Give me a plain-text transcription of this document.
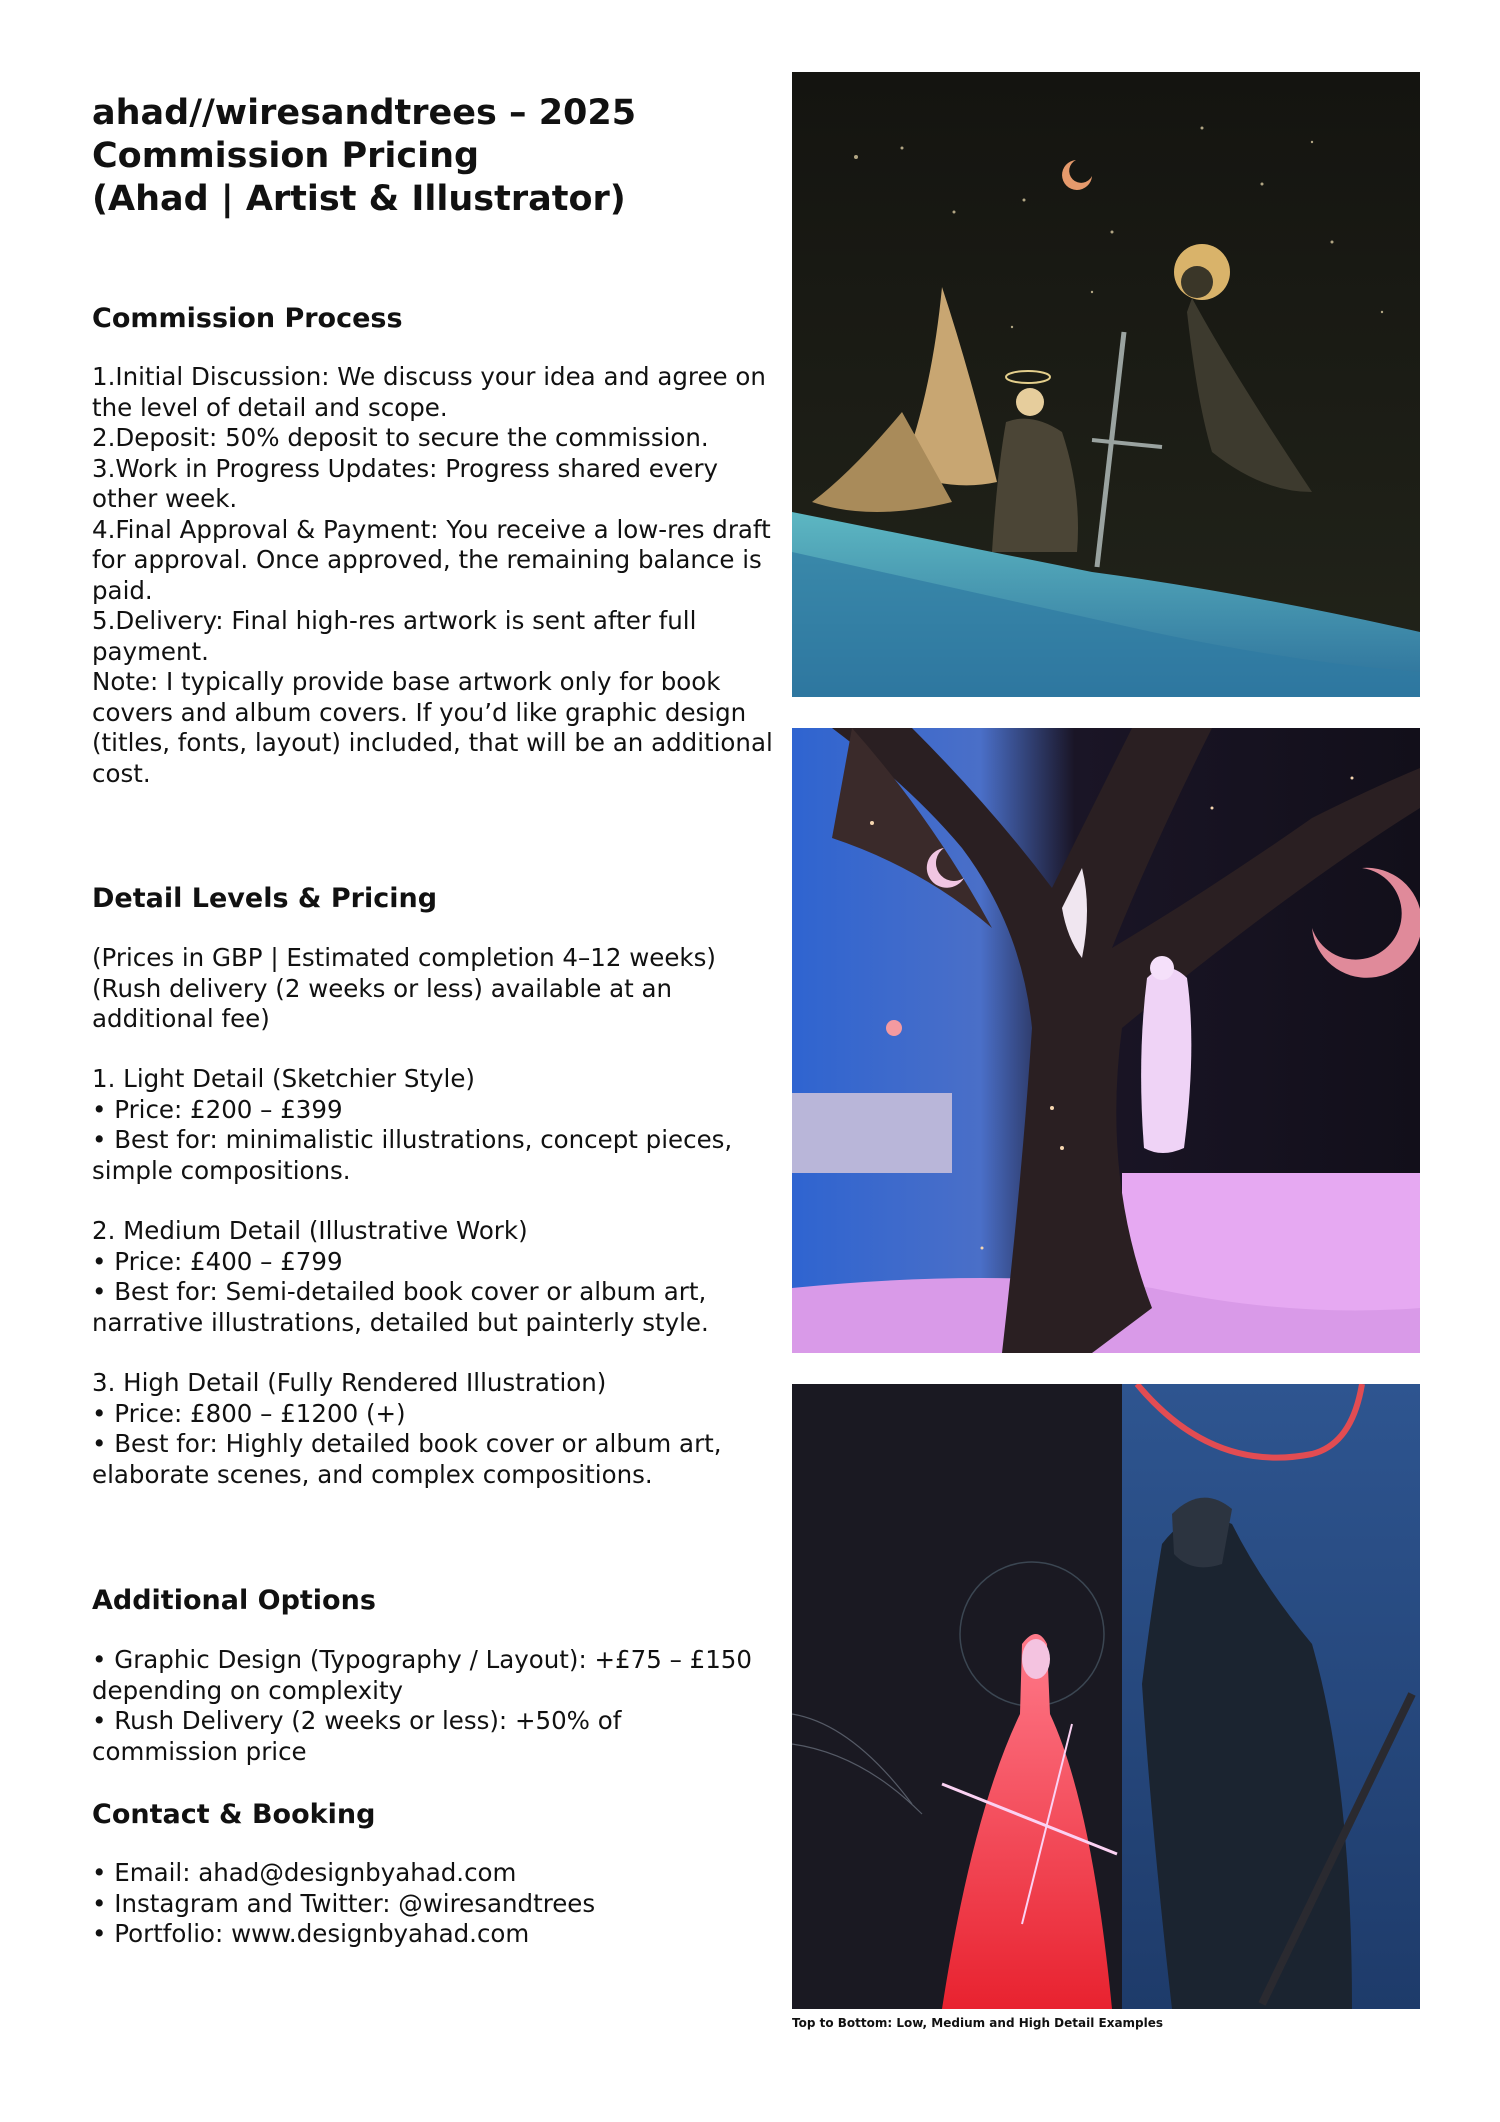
ahad//wiresandtrees – 2025
Commission Pricing
(Ahad | Artist & Illustrator)
Commission Process
1.Initial Discussion: We discuss your idea and agree on
the level of detail and scope.
2.Deposit: 50% deposit to secure the commission.
3.Work in Progress Updates: Progress shared every
other week.
4.Final Approval & Payment: You receive a low-res draft
for approval. Once approved, the remaining balance is
paid.
5.Delivery: Final high-res artwork is sent after full
payment.
Note: I typically provide base artwork only for book
covers and album covers. If you’d like graphic design
(titles, fonts, layout) included, that will be an additional
cost.
Detail Levels & Pricing
(Prices in GBP | Estimated completion 4–12 weeks)
(Rush delivery (2 weeks or less) available at an
additional fee)
1. Light Detail (Sketchier Style)
• Price: £200 – £399
• Best for: minimalistic illustrations, concept pieces,
simple compositions.
2. Medium Detail (Illustrative Work)
• Price: £400 – £799
• Best for: Semi-detailed book cover or album art,
narrative illustrations, detailed but painterly style.
3. High Detail (Fully Rendered Illustration)
• Price: £800 – £1200 (+)
• Best for: Highly detailed book cover or album art,
elaborate scenes, and complex compositions.
Additional Options
• Graphic Design (Typography / Layout): +£75 – £150
depending on complexity
• Rush Delivery (2 weeks or less): +50% of
commission price
Contact & Booking
• Email: ahad@designbyahad.com
• Instagram and Twitter: @wiresandtrees
• Portfolio: www.designbyahad.com
Top to Bottom: Low, Medium and High Detail Examples
